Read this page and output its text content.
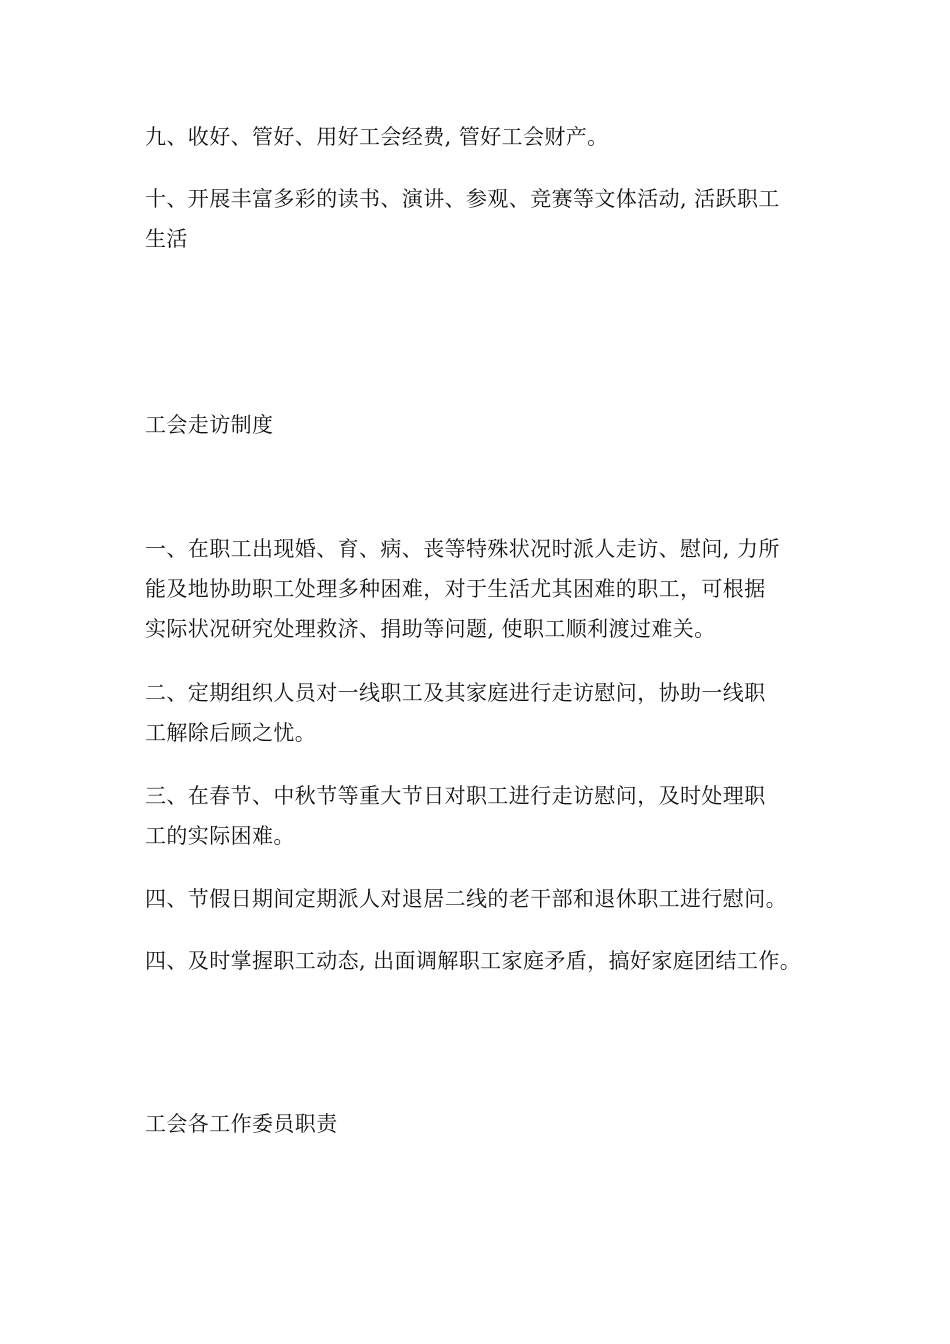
九、收好、管好、用好工会经费, 管好工会财产。

十、开展丰富多彩的读书、演讲、参观、竞赛等文体活动, 活跃职工
生活

工会走访制度

一、在职工出现婚、育、病、丧等特殊状况时派人走访、慰问, 力所
能及地协助职工处理多种困难，对于生活尤其困难的职工，可根据
实际状况研究处理救济、捐助等问题, 使职工顺利渡过难关。

二、定期组织人员对一线职工及其家庭进行走访慰问，协助一线职
工解除后顾之忧。

三、在春节、中秋节等重大节日对职工进行走访慰问，及时处理职
工的实际困难。

四、节假日期间定期派人对退居二线的老干部和退休职工进行慰问。

四、及时掌握职工动态, 出面调解职工家庭矛盾，搞好家庭团结工作。

工会各工作委员职责
